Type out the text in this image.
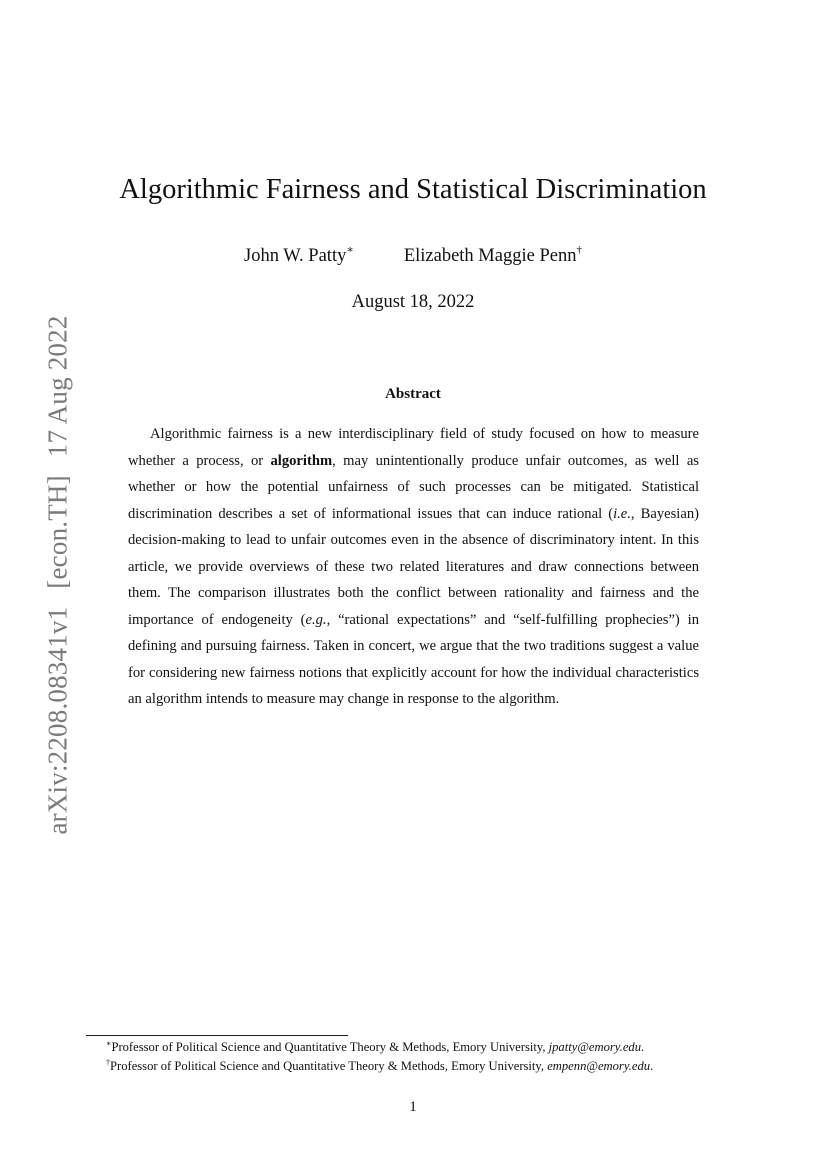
arXiv:2208.08341v1[econ.TH]17 Aug 2022
Algorithmic Fairness and Statistical Discrimination
John W. Patty∗	Elizabeth Maggie Penn†
August 18, 2022
Abstract

Algorithmic fairness is a new interdisciplinary field of study focused on how to measure whether a process, or algorithm, may unintentionally produce unfair outcomes, as well as whether or how the potential unfairness of such processes can be mitigated. Statistical discrimination describes a set of informational issues that can induce rational (i.e., Bayesian) decision-making to lead to unfair outcomes even in the absence of discriminatory intent. In this article, we provide overviews of these two related literatures and draw connections between them. The comparison illustrates both the conflict between rationality and fairness and the importance of endogeneity (e.g., “rational expectations” and “self-fulfilling prophecies”) in defining and pursuing fairness. Taken in concert, we argue that the two traditions suggest a value for considering new fairness notions that explicitly account for how the individual characteristics an algorithm intends to measure may change in response to the algorithm.

∗Professor of Political Science and Quantitative Theory & Methods, Emory University, jpatty@emory.edu.
†Professor of Political Science and Quantitative Theory & Methods, Emory University, empenn@emory.edu.
1
